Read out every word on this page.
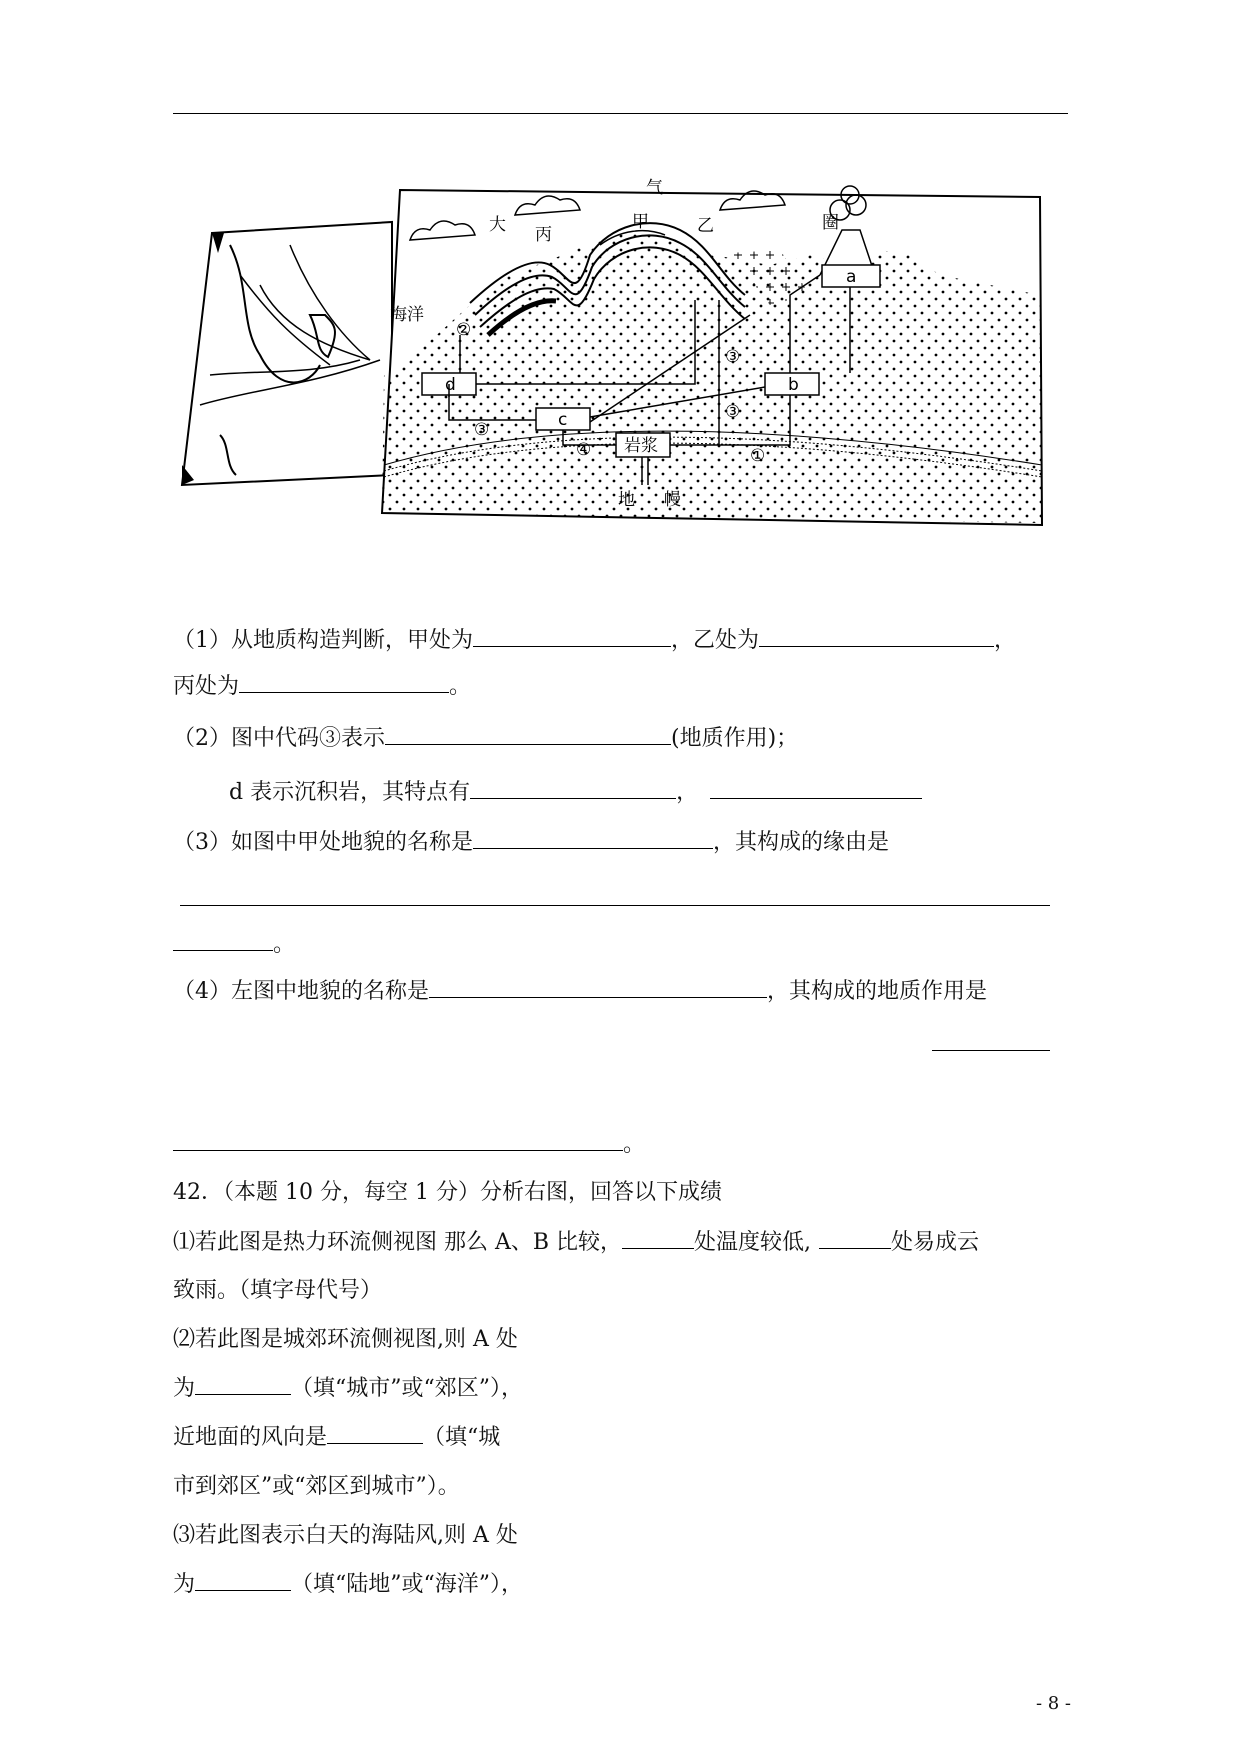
气
大	圈
丙
甲	乙
海洋
岩浆
地 幔
a
b
c
d
①
②
③
③
③
④
（1）从地质构造判断，甲处为	，乙处为	，
丙处为	。
（2）图中代码③表示	(地质作用)；
d 表示沉积岩，其特点有	，
（3）如图中甲处地貌的名称是	，其构成的缘由是
。
（4）左图中地貌的名称是	，其构成的地质作用是
。
42．（本题 10 分，每空 1 分）分析右图，回答以下成绩
⑴若此图是热力环流侧视图 那么 A、B 比较，	处温度较低,	处易成云
致雨。（填字母代号）
⑵若此图是城郊环流侧视图,则 A 处
为	（填“城市”或“郊区”），
近地面的风向是	（填“城
市到郊区”或“郊区到城市”）。
⑶若此图表示白天的海陆风,则 A 处
为	（填“陆地”或“海洋”），
- 8 -
